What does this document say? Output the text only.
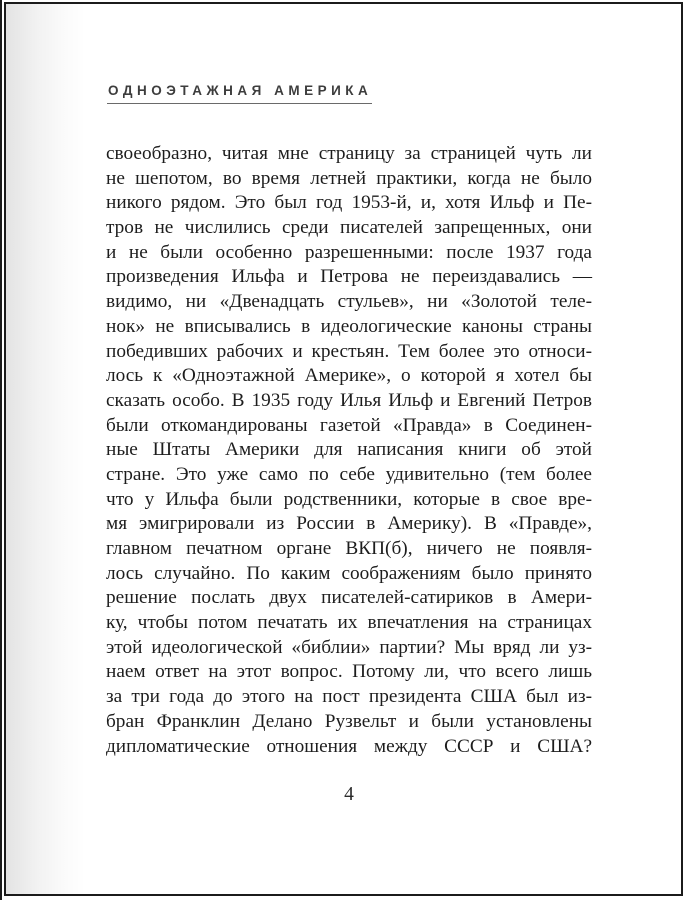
ОДНОЭТАЖНАЯ АМЕРИКА
своеобразно, читая мне страницу за страницей чуть ли
не шепотом, во время летней практики, когда не было
никого рядом. Это был год 1953-й, и, хотя Ильф и Пе-
тров не числились среди писателей запрещенных, они
и не были особенно разрешенными: после 1937 года
произведения Ильфа и Петрова не переиздавались —
видимо, ни «Двенадцать стульев», ни «Золотой теле-
нок» не вписывались в идеологические каноны страны
победивших рабочих и крестьян. Тем более это относи-
лось к «Одноэтажной Америке», о которой я хотел бы
сказать особо. В 1935 году Илья Ильф и Евгений Петров
были откомандированы газетой «Правда» в Соединен-
ные Штаты Америки для написания книги об этой
стране. Это уже само по себе удивительно (тем более
что у Ильфа были родственники, которые в свое вре-
мя эмигрировали из России в Америку). В «Правде»,
главном печатном органе ВКП(б), ничего не появля-
лось случайно. По каким соображениям было принято
решение послать двух писателей-сатириков в Амери-
ку, чтобы потом печатать их впечатления на страницах
этой идеологической «библии» партии? Мы вряд ли уз-
наем ответ на этот вопрос. Потому ли, что всего лишь
за три года до этого на пост президента США был из-
бран Франклин Делано Рузвельт и были установлены
дипломатические отношения между СССР и США?
4
